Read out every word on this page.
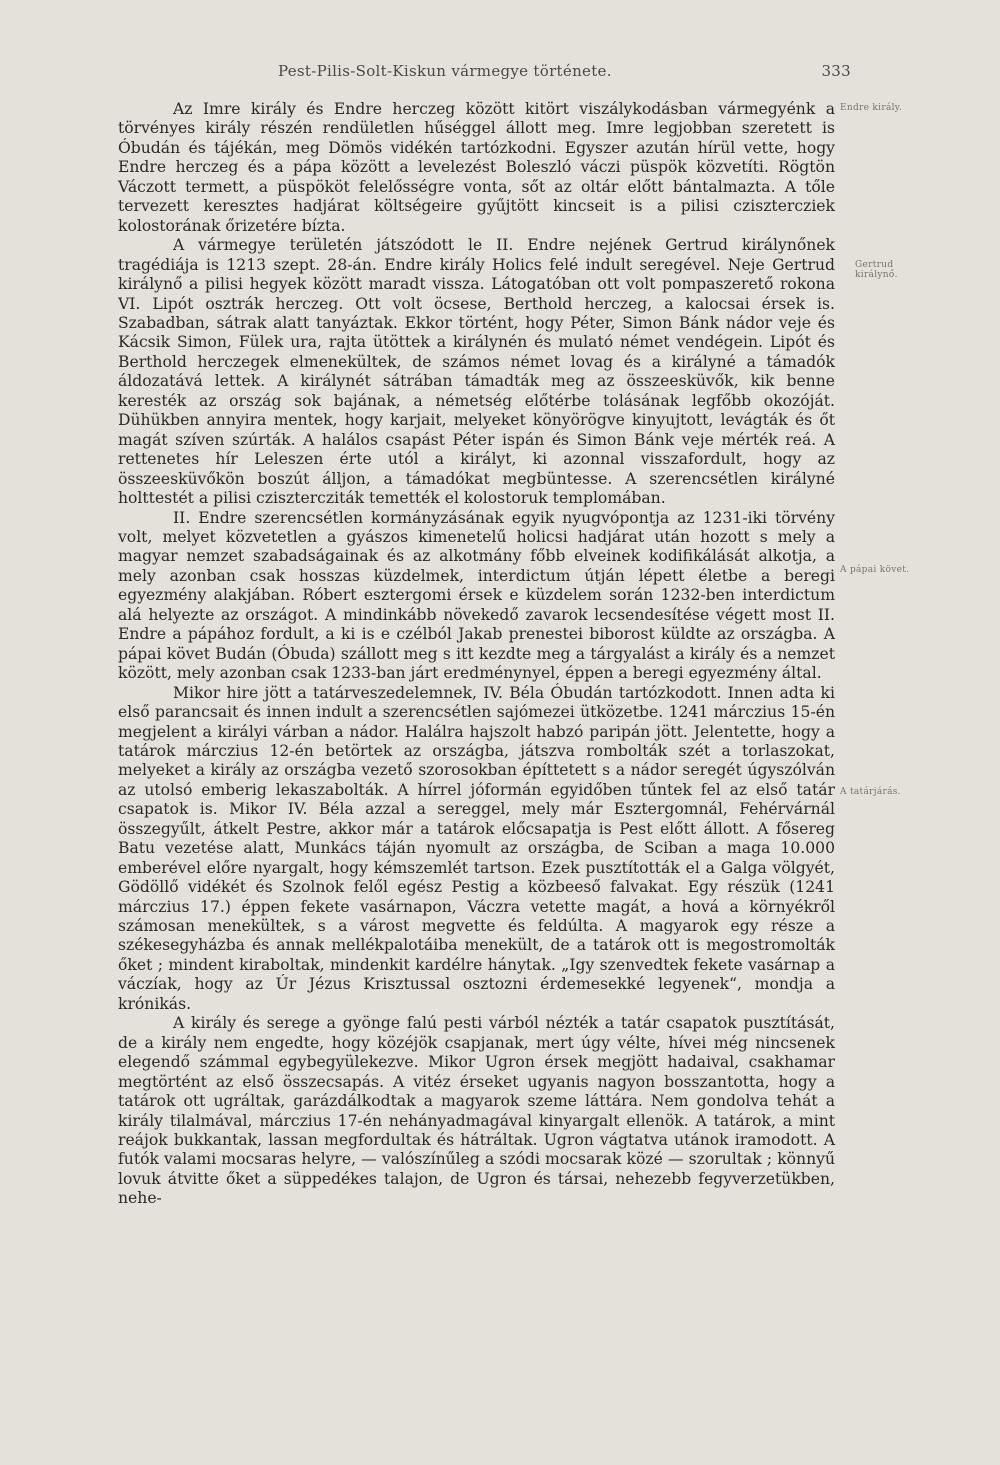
Pest-Pilis-Solt-Kiskun vármegye története.	333

Az Imre király és Endre herczeg között kitört viszálykodásban vármegyénk a törvényes király részén rendületlen hűséggel állott meg. Imre legjobban szeretett is Óbudán és tájékán, meg Dömös vidékén tartózkodni. Egyszer azután hírül vette, hogy Endre herczeg és a pápa között a levelezést Boleszló váczi püspök közvetíti. Rögtön Váczott termett, a püspököt felelősségre vonta, sőt az oltár előtt bántalmazta. A tőle tervezett keresztes hadjárat költségeire gyűjtött kincseit is a pilisi czisztercziek kolostorának őrizetére bízta.

A vármegye területén játszódott le II. Endre nejének Gertrud királynőnek tragédiája is 1213 szept. 28-án. Endre király Holics felé indult seregével. Neje Gertrud királynő a pilisi hegyek között maradt vissza. Látogatóban ott volt pompaszerető rokona VI. Lipót osztrák herczeg. Ott volt öcsese, Berthold herczeg, a kalocsai érsek is. Szabadban, sátrak alatt tanyáztak. Ekkor történt, hogy Péter, Simon Bánk nádor veje és Kácsik Simon, Fülek ura, rajta ütöttek a királynén és mulató német vendégein. Lipót és Berthold herczegek elmenekültek, de számos német lovag és a királyné a támadók áldozatává lettek. A királynét sátrában támadták meg az összeesküvők, kik benne keresték az ország sok bajának, a németség előtérbe tolásának legfőbb okozóját. Dühükben annyira mentek, hogy karjait, melyeket könyörögve kinyujtott, levágták és őt magát szíven szúrták. A halálos csapást Péter ispán és Simon Bánk veje mérték reá. A rettenetes hír Leleszen érte utól a királyt, ki azonnal visszafordult, hogy az összeesküvőkön boszút álljon, a támadókat megbüntesse. A szerencsétlen királyné holttestét a pilisi czisztercziták temették el kolostoruk templomában.

II. Endre szerencsétlen kormányzásának egyik nyugvópontja az 1231-iki törvény volt, melyet közvetetlen a gyászos kimenetelű holicsi hadjárat után hozott s mely a magyar nemzet szabadságainak és az alkotmány főbb elveinek kodifikálását alkotja, a mely azonban csak hosszas küzdelmek, interdictum útján lépett életbe a beregi egyezmény alakjában. Róbert esztergomi érsek e küzdelem során 1232-ben interdictum alá helyezte az országot. A mindinkább növekedő zavarok lecsendesítése végett most II. Endre a pápához fordult, a ki is e czélból Jakab prenestei biborost küldte az országba. A pápai követ Budán (Óbuda) szállott meg s itt kezdte meg a tárgyalást a király és a nemzet között, mely azonban csak 1233-ban járt eredménynyel, éppen a beregi egyezmény által.

Mikor hire jött a tatárveszedelemnek, IV. Béla Óbudán tartózkodott. Innen adta ki első parancsait és innen indult a szerencsétlen sajómezei ütközetbe. 1241 márczius 15-én megjelent a királyi várban a nádor. Halálra hajszolt habzó paripán jött. Jelentette, hogy a tatárok márczius 12-én betörtek az országba, játszva rombolták szét a torlaszokat, melyeket a király az országba vezető szorosokban építtetett s a nádor seregét úgyszólván az utolsó emberig lekaszabolták. A hírrel jóformán egyidőben tűntek fel az első tatár csapatok is. Mikor IV. Béla azzal a sereggel, mely már Esztergomnál, Fehérvárnál összegyűlt, átkelt Pestre, akkor már a tatárok előcsapatja is Pest előtt állott. A fősereg Batu vezetése alatt, Munkács táján nyomult az országba, de Sciban a maga 10.000 emberével előre nyargalt, hogy kémszemlét tartson. Ezek pusztították el a Galga völgyét, Gödöllő vidékét és Szolnok felől egész Pestig a közbeeső falvakat. Egy részük (1241 márczius 17.) éppen fekete vasárnapon, Váczra vetette magát, a hová a környékről számosan menekültek, s a várost megvette és feldúlta. A magyarok egy része a székesegyházba és annak mellékpalotáiba menekült, de a tatárok ott is megostromolták őket ; mindent kiraboltak, mindenkit kardélre hánytak. „Igy szenvedtek fekete vasárnap a váczíak, hogy az Úr Jézus Krisztussal osztozni érdemesekké legyenek“, mondja a krónikás.

A király és serege a gyönge falú pesti várból nézték a tatár csapatok pusztítását, de a király nem engedte, hogy közéjök csapjanak, mert úgy vélte, hívei még nincsenek elegendő számmal egybegyülekezve. Mikor Ugron érsek megjött hadaival, csakhamar megtörtént az első összecsapás. A vitéz érseket ugyanis nagyon bosszantotta, hogy a tatárok ott ugráltak, garázdálkodtak a magyarok szeme láttára. Nem gondolva tehát a király tilalmával, márczius 17-én nehányadmagával kinyargalt ellenök. A tatárok, a mint reájok bukkantak, lassan megfordultak és hátráltak. Ugron vágtatva utánok iramodott. A futók valami mocsaras helyre, — valószínűleg a szódi mocsarak közé — szorultak ; könnyű lovuk átvitte őket a süppedékes talajon, de Ugron és társai, nehezebb fegyverzetükben, nehe-

Endre király.
Gertrud királynő.
A pápai követ.
A tatárjárás.
